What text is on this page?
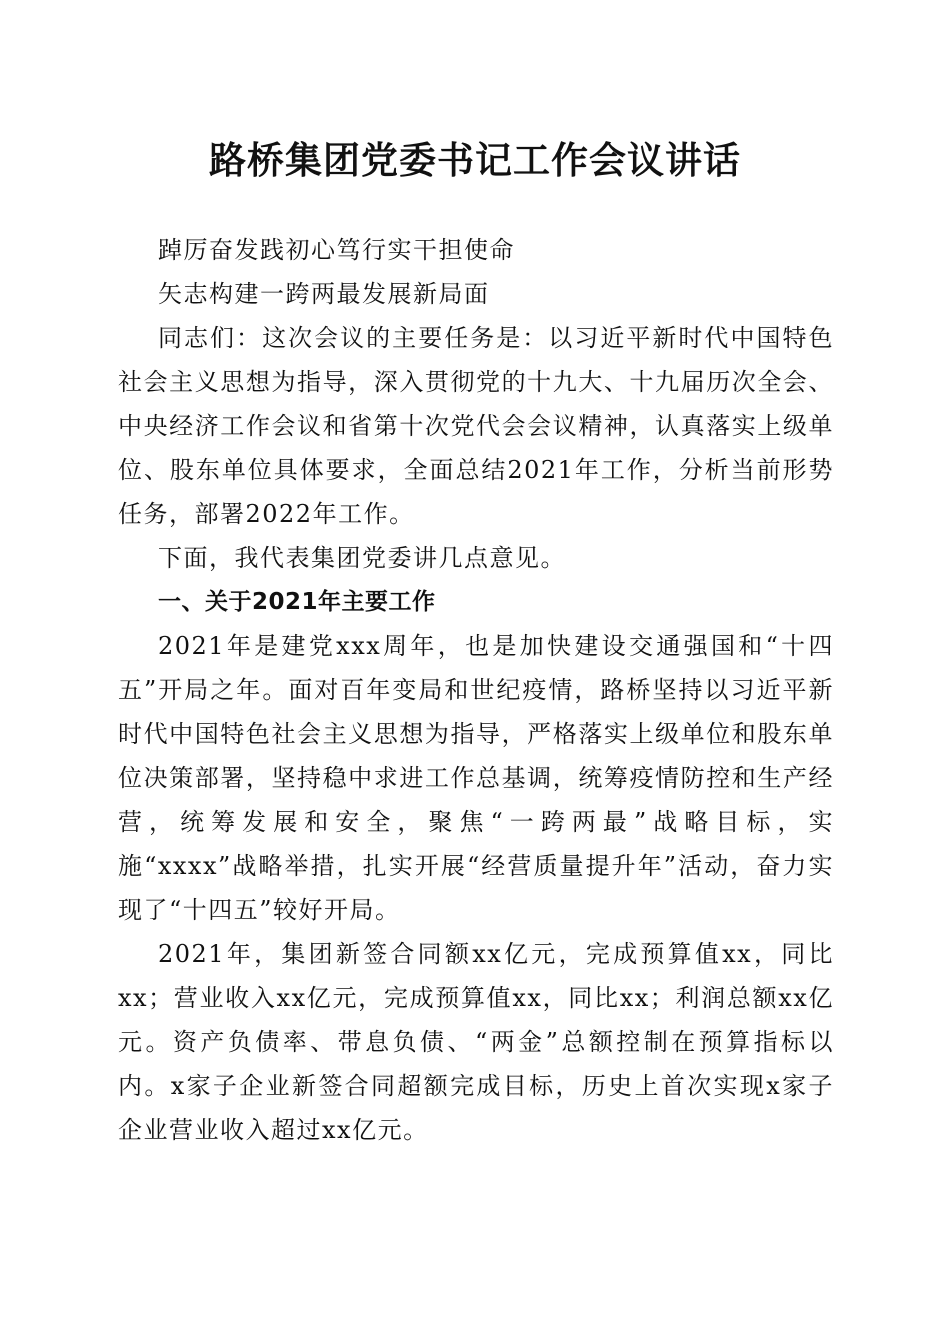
路桥集团党委书记工作会议讲话

踔厉奋发践初心笃行实干担使命

矢志构建一跨两最发展新局面

同志们：这次会议的主要任务是：以习近平新时代中国特色社会主义思想为指导，深入贯彻党的十九大、十九届历次全会、中央经济工作会议和省第十次党代会会议精神，认真落实上级单位、股东单位具体要求，全面总结2021年工作，分析当前形势任务，部署2022年工作。

下面，我代表集团党委讲几点意见。

一、关于2021年主要工作

2021年是建党xxx周年，也是加快建设交通强国和“十四五”开局之年。面对百年变局和世纪疫情，路桥坚持以习近平新时代中国特色社会主义思想为指导，严格落实上级单位和股东单位决策部署，坚持稳中求进工作总基调，统筹疫情防控和生产经营，统筹发展和安全，聚焦“一跨两最”战略目标，实施“xxxx”战略举措，扎实开展“经营质量提升年”活动，奋力实现了“十四五”较好开局。

2021年，集团新签合同额xx亿元，完成预算值xx，同比xx；营业收入xx亿元，完成预算值xx，同比xx；利润总额xx亿元。资产负债率、带息负债、“两金”总额控制在预算指标以内。x家子企业新签合同超额完成目标，历史上首次实现x家子企业营业收入超过xx亿元。
